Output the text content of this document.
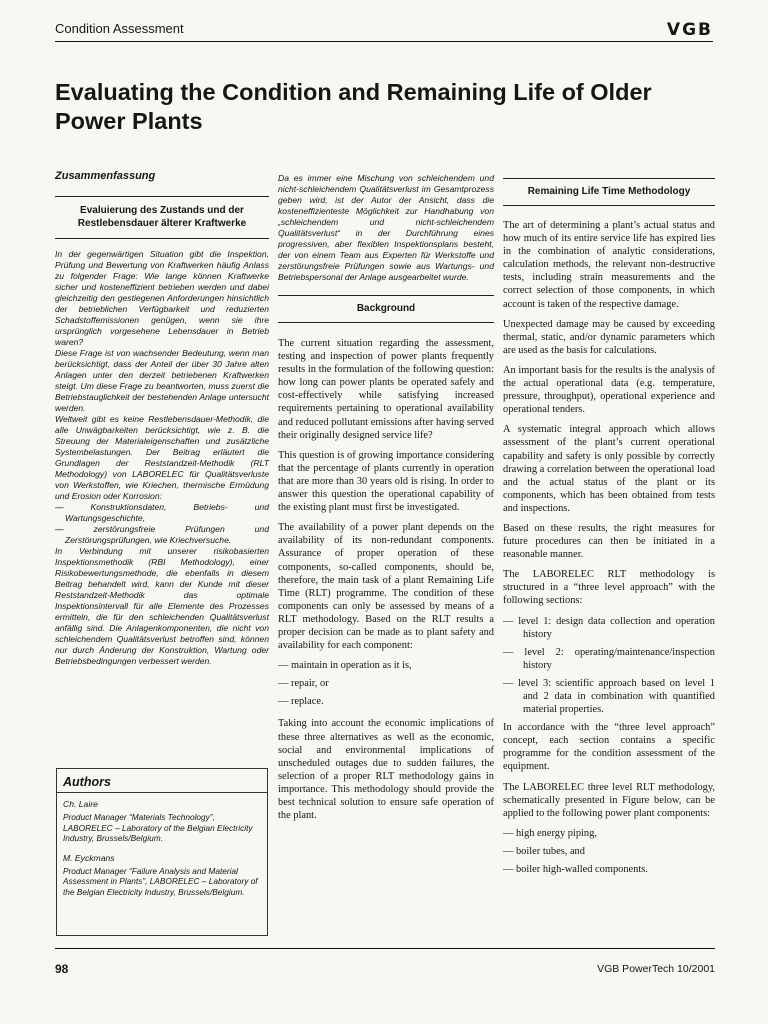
Condition Assessment	VGB
Evaluating the Condition and Remaining Life of Older Power Plants
Zusammenfassung
Evaluierung des Zustands und der Restlebensdauer älterer Kraftwerke

In der gegenwärtigen Situation gibt die Inspektion, Prüfung und Bewertung von Kraftwerken häufig Anlass zu folgender Frage: Wie lange können Kraftwerke sicher und kosteneffizient betrieben werden und dabei gleichzeitig den gestiegenen Anforderungen hinsichtlich der betrieblichen Verfügbarkeit und reduzierten Schadstoffemissionen genügen, wenn sie ihre ursprünglich vorgesehene Lebensdauer in Betrieb waren?

Diese Frage ist von wachsender Bedeutung, wenn man berücksichtigt, dass der Anteil der über 30 Jahre alten Anlagen unter den derzeit betriebenen Kraftwerken steigt. Um diese Frage zu beantworten, muss zuerst die Betriebstauglichkeit der bestehenden Anlage untersucht werden.

Weltweit gibt es keine Restlebensdauer-Methodik, die alle Unwägbarkeiten berücksichtigt, wie z. B. die Streuung der Materialeigenschaften und zusätzliche Systembelastungen. Der Beitrag erläutert die Grundlagen der Reststandzeit-Methodik (RLT Methodology) von LABORELEC für Qualitätsverluste von Werkstoffen, wie Kriechen, thermische Ermüdung und Erosion oder Korrosion:

— Konstruktionsdaten, Betriebs- und Wartungsgeschichte,

— zerstörungsfreie Prüfungen und Zerstörungsprüfungen, wie Kriechversuche.

In Verbindung mit unserer risikobasierten Inspektionsmethodik (RBI Methodology), einer Risikobewertungsmethode, die ebenfalls in diesem Beitrag behandelt wird, kann der Kunde mit dieser Reststandzeit-Methodik das optimale Inspektionsintervall für alle Elemente des Prozesses ermitteln, die für den schleichenden Qualitätsverlust anfällig sind. Die Anlagenkomponenten, die nicht von schleichendem Qualitätsverlust betroffen sind, können nur durch Änderung der Konstruktion, Wartung oder Betriebsbedingungen verbessert werden.

Authors
Ch. Laire
Product Manager “Materials Technology”, LABORELEC – Laboratory of the Belgian Electricity Industry, Brussels/Belgium.
M. Eyckmans
Product Manager “Failure Analysis and Material Assessment in Plants”, LABORELEC – Laboratory of the Belgian Electricity Industry, Brussels/Belgium.

Da es immer eine Mischung von schleichendem und nicht-schleichendem Qualitätsverlust im Gesamtprozess geben wird, ist der Autor der Ansicht, dass die kosteneffizienteste Möglichkeit zur Handhabung von „schleichendem und nicht-schleichendem Qualitätsverlust“ in der Durchführung eines progressiven, aber flexiblen Inspektionsplans besteht, der von einem Team aus Experten für Werkstoffe und zerstörungsfreie Prüfungen sowie aus Wartungs- und Betriebspersonal der Anlage ausgearbeitet wurde.

Background

The current situation regarding the assessment, testing and inspection of power plants frequently results in the formulation of the following question: how long can power plants be operated safely and cost-effectively while satisfying increased requirements pertaining to operational availability and reduced pollutant emissions after having served their originally designed service life?

This question is of growing importance considering that the percentage of plants currently in operation that are more than 30 years old is rising. In order to answer this question the operational capability of the existing plant must first be investigated.

The availability of a power plant depends on the availability of its non-redundant components. Assurance of proper operation of these components, so-called components, should be, therefore, the main task of a plant Remaining Life Time (RLT) programme. The condition of these components can only be assessed by means of a RLT methodology. Based on the RLT results a proper decision can be made as to plant safety and availability for each component:

— maintain in operation as it is,

— repair, or

— replace.

Taking into account the economic implications of these three alternatives as well as the economic, social and environmental implications of unscheduled outages due to sudden failures, the selection of a proper RLT methodology gains in importance. This methodology should provide the best technical solution to ensure safe operation of the plant.

Remaining Life Time Methodology

The art of determining a plant’s actual status and how much of its entire service life has expired lies in the combination of analytic considerations, calculation methods, the relevant non-destructive tests, including strain measurements and the correct selection of those components, in which account is taken of the respective damage.

Unexpected damage may be caused by exceeding thermal, static, and/or dynamic parameters which are used as the basis for calculations.

An important basis for the results is the analysis of the actual operational data (e.g. temperature, pressure, throughput), operational experience and operational tenders.

A systematic integral approach which allows assessment of the plant’s current operational capability and safety is only possible by correctly drawing a correlation between the operational load and the actual status of the plant or its components, which has been obtained from tests and inspections.

Based on these results, the right measures for future procedures can then be initiated in a reasonable manner.

The LABORELEC RLT methodology is structured in a “three level approach” with the following sections:

— level 1: design data collection and operation history

— level 2: operating/maintenance/inspection history

— level 3: scientific approach based on level 1 and 2 data in combination with quantified material properties.

In accordance with the “three level approach” concept, each section contains a specific programme for the condition assessment of the equipment.

The LABORELEC three level RLT methodology, schematically presented in Figure below, can be applied to the following power plant components:

— high energy piping,

— boiler tubes, and

— boiler high-walled components.

98	VGB PowerTech 10/2001
